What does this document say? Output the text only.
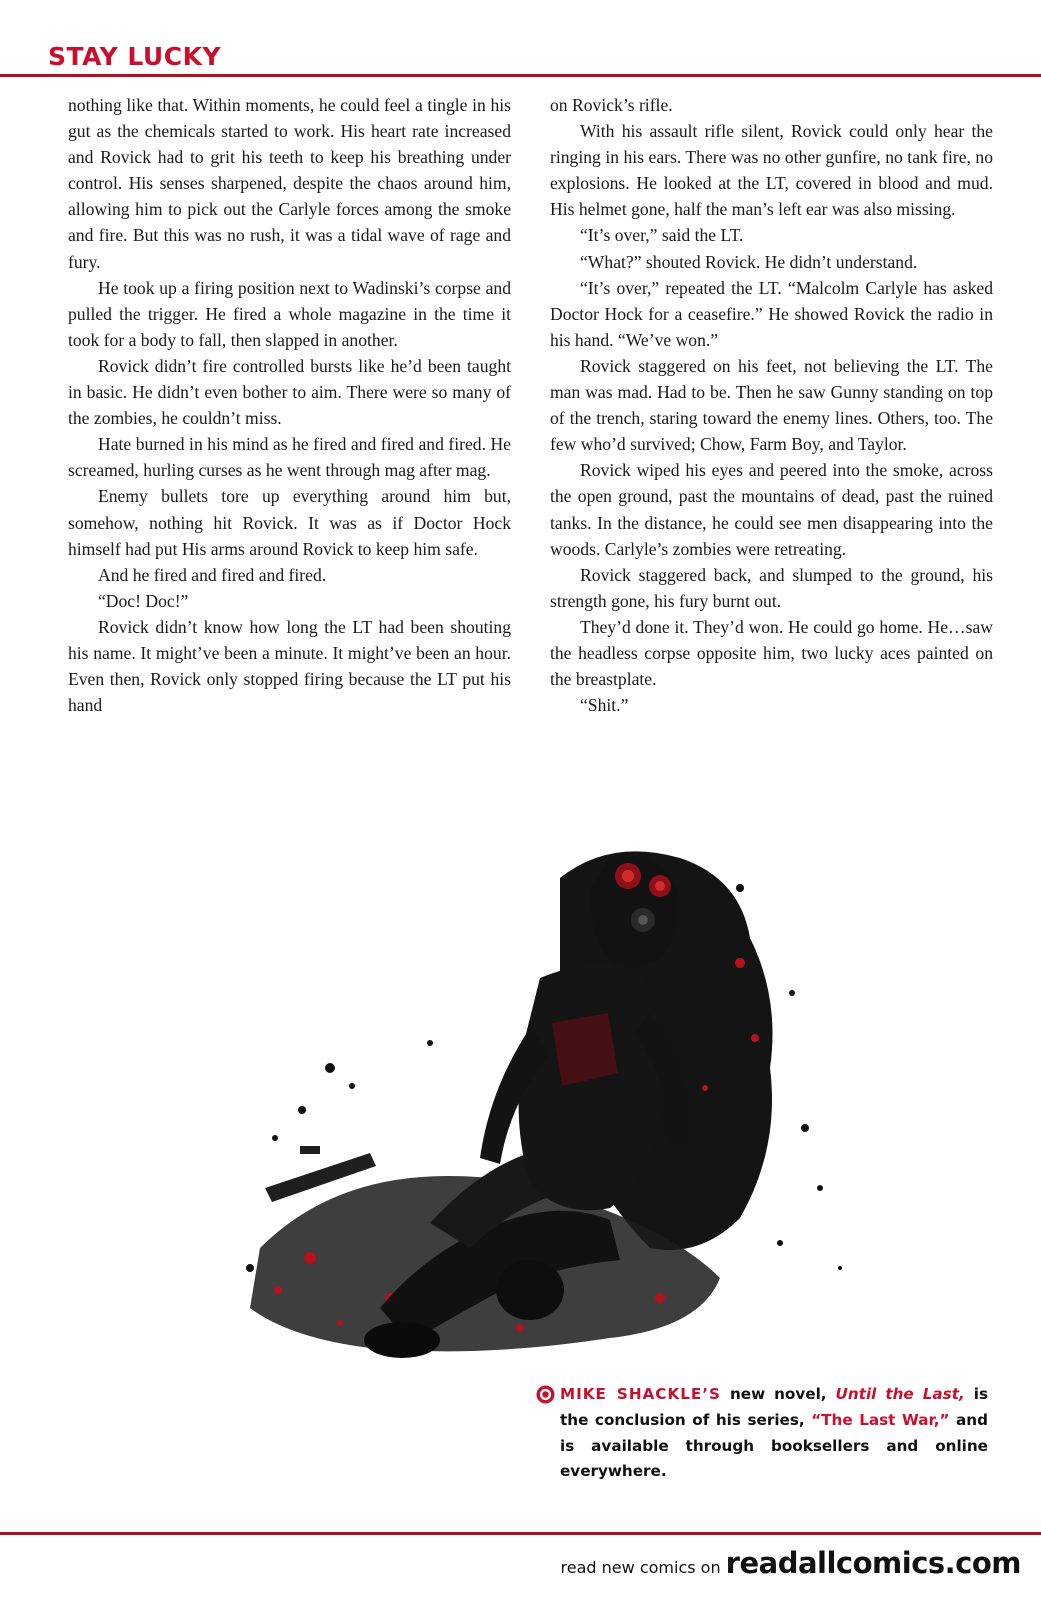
STAY LUCKY

nothing like that. Within moments, he could feel a tingle in his gut as the chemicals started to work. His heart rate increased and Rovick had to grit his teeth to keep his breathing under control. His senses sharpened, despite the chaos around him, allowing him to pick out the Carlyle forces among the smoke and fire. But this was no rush, it was a tidal wave of rage and fury.

He took up a firing position next to Wadinski’s corpse and pulled the trigger. He fired a whole magazine in the time it took for a body to fall, then slapped in another.

Rovick didn’t fire controlled bursts like he’d been taught in basic. He didn’t even bother to aim. There were so many of the zombies, he couldn’t miss.

Hate burned in his mind as he fired and fired and fired. He screamed, hurling curses as he went through mag after mag.

Enemy bullets tore up everything around him but, somehow, nothing hit Rovick. It was as if Doctor Hock himself had put His arms around Rovick to keep him safe.

And he fired and fired and fired.

“Doc! Doc!”

Rovick didn’t know how long the LT had been shouting his name. It might’ve been a minute. It might’ve been an hour. Even then, Rovick only stopped firing because the LT put his hand

on Rovick’s rifle.

With his assault rifle silent, Rovick could only hear the ringing in his ears. There was no other gunfire, no tank fire, no explosions. He looked at the LT, covered in blood and mud. His helmet gone, half the man’s left ear was also missing.

“It’s over,” said the LT.

“What?” shouted Rovick. He didn’t understand.

“It’s over,” repeated the LT. “Malcolm Carlyle has asked Doctor Hock for a ceasefire.” He showed Rovick the radio in his hand. “We’ve won.”

Rovick staggered on his feet, not believing the LT. The man was mad. Had to be. Then he saw Gunny standing on top of the trench, staring toward the enemy lines. Others, too. The few who’d survived; Chow, Farm Boy, and Taylor.

Rovick wiped his eyes and peered into the smoke, across the open ground, past the mountains of dead, past the ruined tanks. In the distance, he could see men disappearing into the woods. Carlyle’s zombies were retreating.

Rovick staggered back, and slumped to the ground, his strength gone, his fury burnt out.

They’d done it. They’d won. He could go home. He…saw the headless corpse opposite him, two lucky aces painted on the breastplate.

“Shit.”

MIKE SHACKLE’S new novel, Until the Last, is the conclusion of his series, “The Last War,” and is available through booksellers and online everywhere.
read new comics on readallcomics.com
